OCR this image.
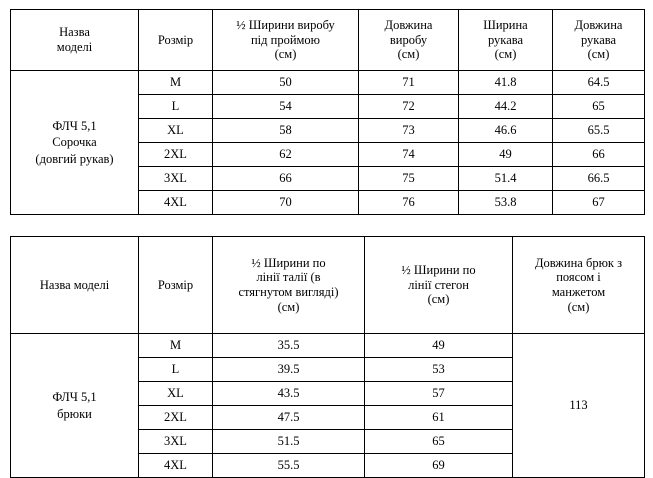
Назва
моделі	Розмір	½ Ширини виробу
під проймою
(см)	Довжина
виробу
(см)	Ширина
рукава
(см)	Довжина
рукава
(см)
ФЛЧ 5,1
Сорочка
(довгий рукав)	M	50	71	41.8	64.5
	L	54	72	44.2	65
	XL	58	73	46.6	65.5
	2XL	62	74	49	66
	3XL	66	75	51.4	66.5
	4XL	70	76	53.8	67
Назва моделі	Розмір	½ Ширини по
лінії талії (в
стягнутом вигляді)
(см)	½ Ширини по
лінії стегон
(см)	Довжина брюк з
поясом і
манжетом
(см)
ФЛЧ 5,1
брюки	M	35.5	49	113
	L	39.5	53	
	XL	43.5	57	
	2XL	47.5	61	
	3XL	51.5	65	
	4XL	55.5	69	
